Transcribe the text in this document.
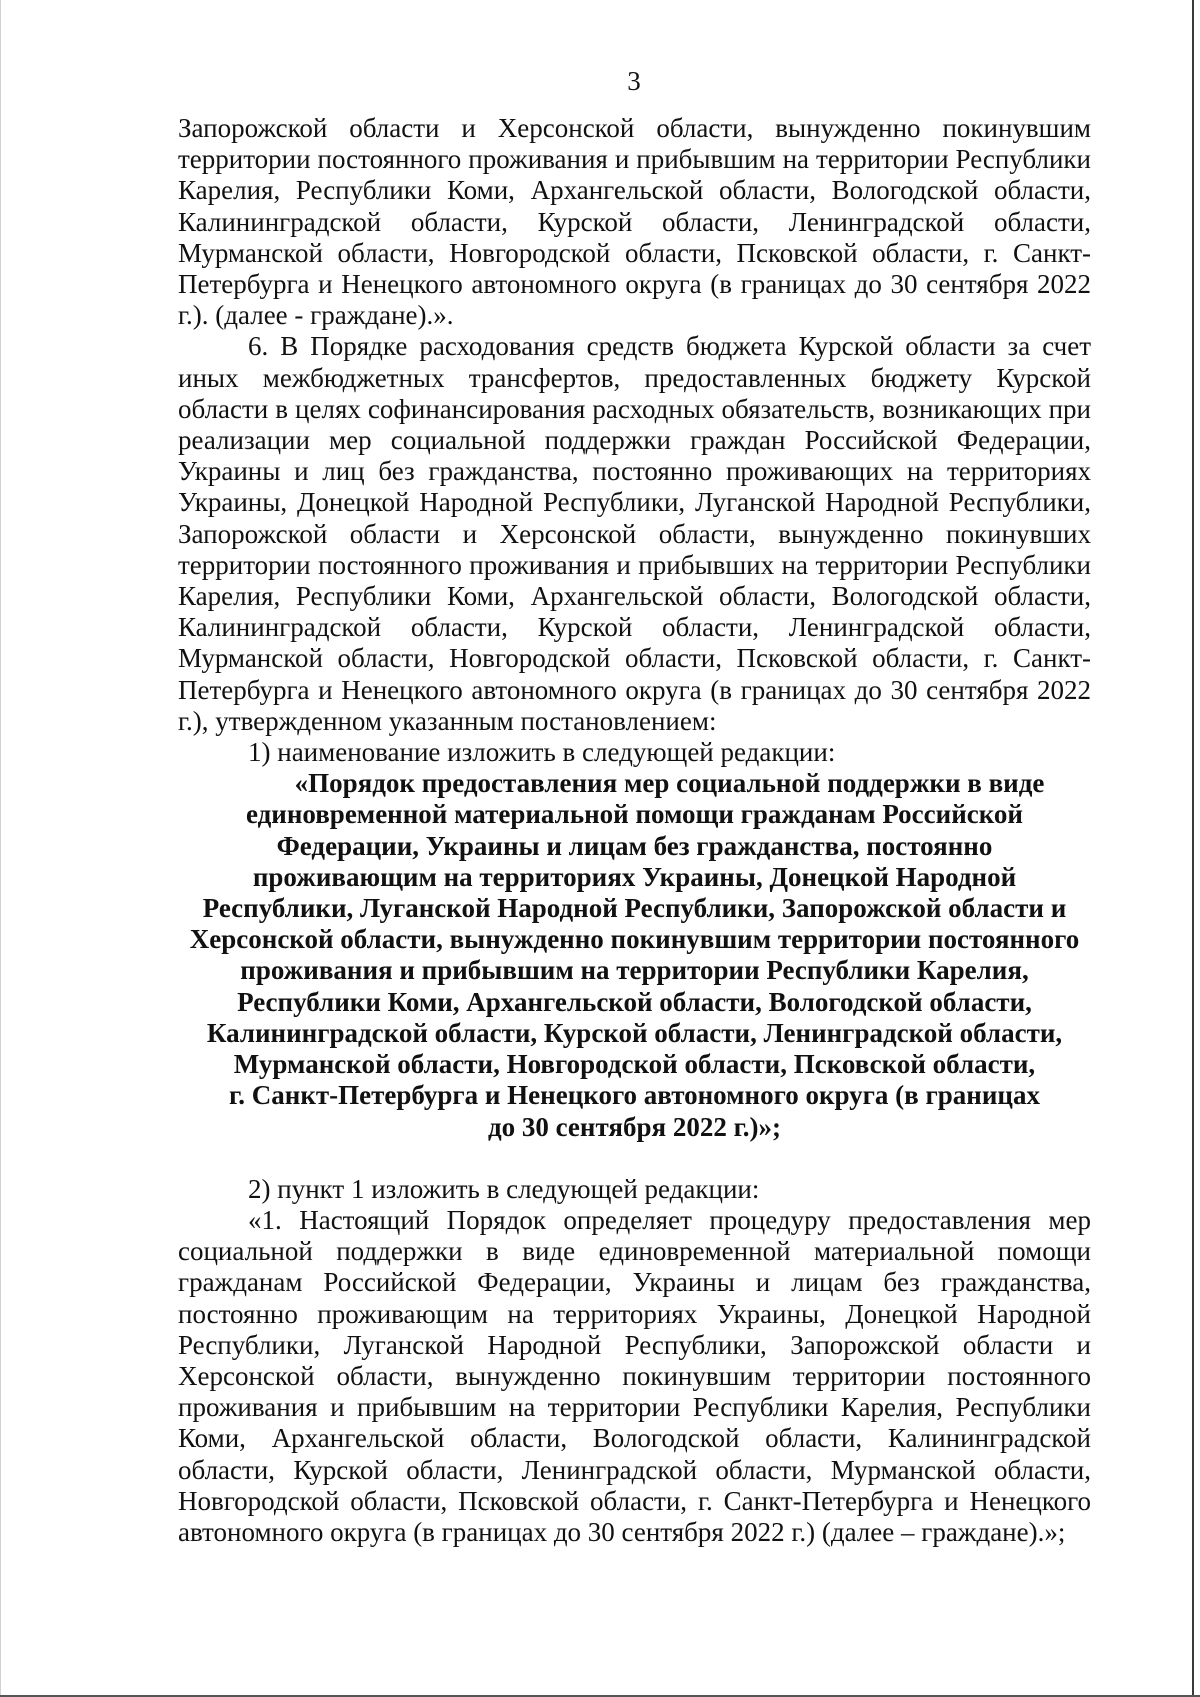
3

Запорожской области и Херсонской области, вынужденно покинувшим территории постоянного проживания и прибывшим на территории Республики Карелия, Республики Коми, Архангельской области, Вологодской области, Калининградской области, Курской области, Ленинградской области, Мурманской области, Новгородской области, Псковской области, г. Санкт-Петербурга и Ненецкого автономного округа (в границах до 30 сентября 2022 г.). (далее - граждане).».

6. В Порядке расходования средств бюджета Курской области за счет иных межбюджетных трансфертов, предоставленных бюджету Курской области в целях софинансирования расходных обязательств, возникающих при реализации мер социальной поддержки граждан Российской Федерации, Украины и лиц без гражданства, постоянно проживающих на территориях Украины, Донецкой Народной Республики, Луганской Народной Республики, Запорожской области и Херсонской области, вынужденно покинувших территории постоянного проживания и прибывших на территории Республики Карелия, Республики Коми, Архангельской области, Вологодской области, Калининградской области, Курской области, Ленинградской области, Мурманской области, Новгородской области, Псковской области, г. Санкт-Петербурга и Ненецкого автономного округа (в границах до 30 сентября 2022 г.), утвержденном указанным постановлением:

1) наименование изложить в следующей редакции:

«Порядок предоставления мер социальной поддержки в виде

единовременной материальной помощи гражданам Российской

Федерации, Украины и лицам без гражданства, постоянно

проживающим на территориях Украины, Донецкой Народной

Республики, Луганской Народной Республики, Запорожской области и

Херсонской области, вынужденно покинувшим территории постоянного

проживания и прибывшим на территории Республики Карелия,

Республики Коми, Архангельской области, Вологодской области,

Калининградской области, Курской области, Ленинградской области,

Мурманской области, Новгородской области, Псковской области,

г. Санкт-Петербурга и Ненецкого автономного округа (в границах

до 30 сентября 2022 г.)»;

2) пункт 1 изложить в следующей редакции:

«1. Настоящий Порядок определяет процедуру предоставления мер социальной поддержки в виде единовременной материальной помощи гражданам Российской Федерации, Украины и лицам без гражданства, постоянно проживающим на территориях Украины, Донецкой Народной Республики, Луганской Народной Республики, Запорожской области и Херсонской области, вынужденно покинувшим территории постоянного проживания и прибывшим на территории Республики Карелия, Республики Коми, Архангельской области, Вологодской области, Калининградской области, Курской области, Ленинградской области, Мурманской области, Новгородской области, Псковской области, г. Санкт-Петербурга и Ненецкого автономного округа (в границах до 30 сентября 2022 г.) (далее – граждане).»;
